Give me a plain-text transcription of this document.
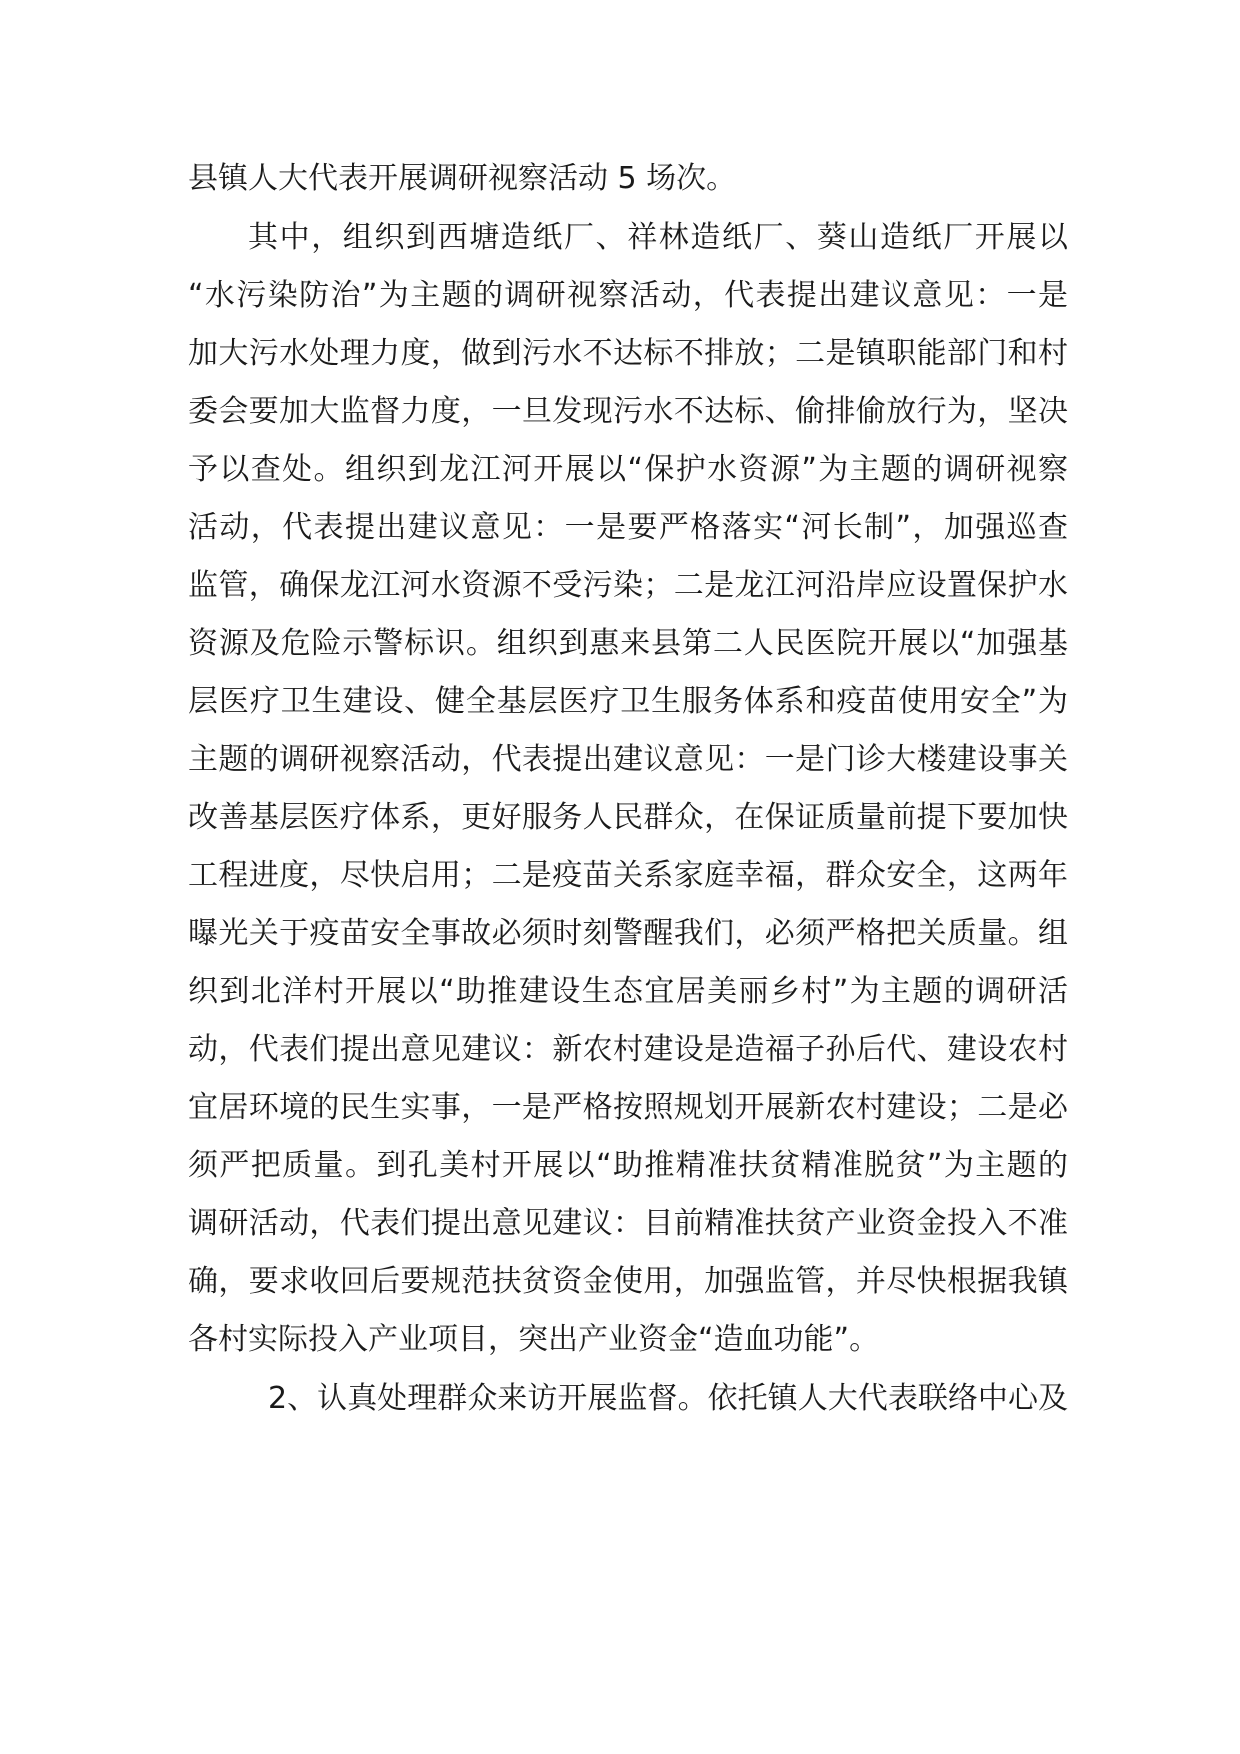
县镇人大代表开展调研视察活动 5 场次。
其中，组织到西塘造纸厂、祥林造纸厂、葵山造纸厂开展以
“水污染防治”为主题的调研视察活动，代表提出建议意见：一是
加大污水处理力度，做到污水不达标不排放；二是镇职能部门和村
委会要加大监督力度，一旦发现污水不达标、偷排偷放行为，坚决
予以查处。组织到龙江河开展以“保护水资源”为主题的调研视察
活动，代表提出建议意见：一是要严格落实“河长制”，加强巡查
监管，确保龙江河水资源不受污染；二是龙江河沿岸应设置保护水
资源及危险示警标识。组织到惠来县第二人民医院开展以“加强基
层医疗卫生建设、健全基层医疗卫生服务体系和疫苗使用安全”为
主题的调研视察活动，代表提出建议意见：一是门诊大楼建设事关
改善基层医疗体系，更好服务人民群众，在保证质量前提下要加快
工程进度，尽快启用；二是疫苗关系家庭幸福，群众安全，这两年
曝光关于疫苗安全事故必须时刻警醒我们，必须严格把关质量。组
织到北洋村开展以“助推建设生态宜居美丽乡村”为主题的调研活
动，代表们提出意见建议：新农村建设是造福子孙后代、建设农村
宜居环境的民生实事，一是严格按照规划开展新农村建设；二是必
须严把质量。到孔美村开展以“助推精准扶贫精准脱贫”为主题的
调研活动，代表们提出意见建议：目前精准扶贫产业资金投入不准
确，要求收回后要规范扶贫资金使用，加强监管，并尽快根据我镇
各村实际投入产业项目，突出产业资金“造血功能”。
2、认真处理群众来访开展监督。依托镇人大代表联络中心及
